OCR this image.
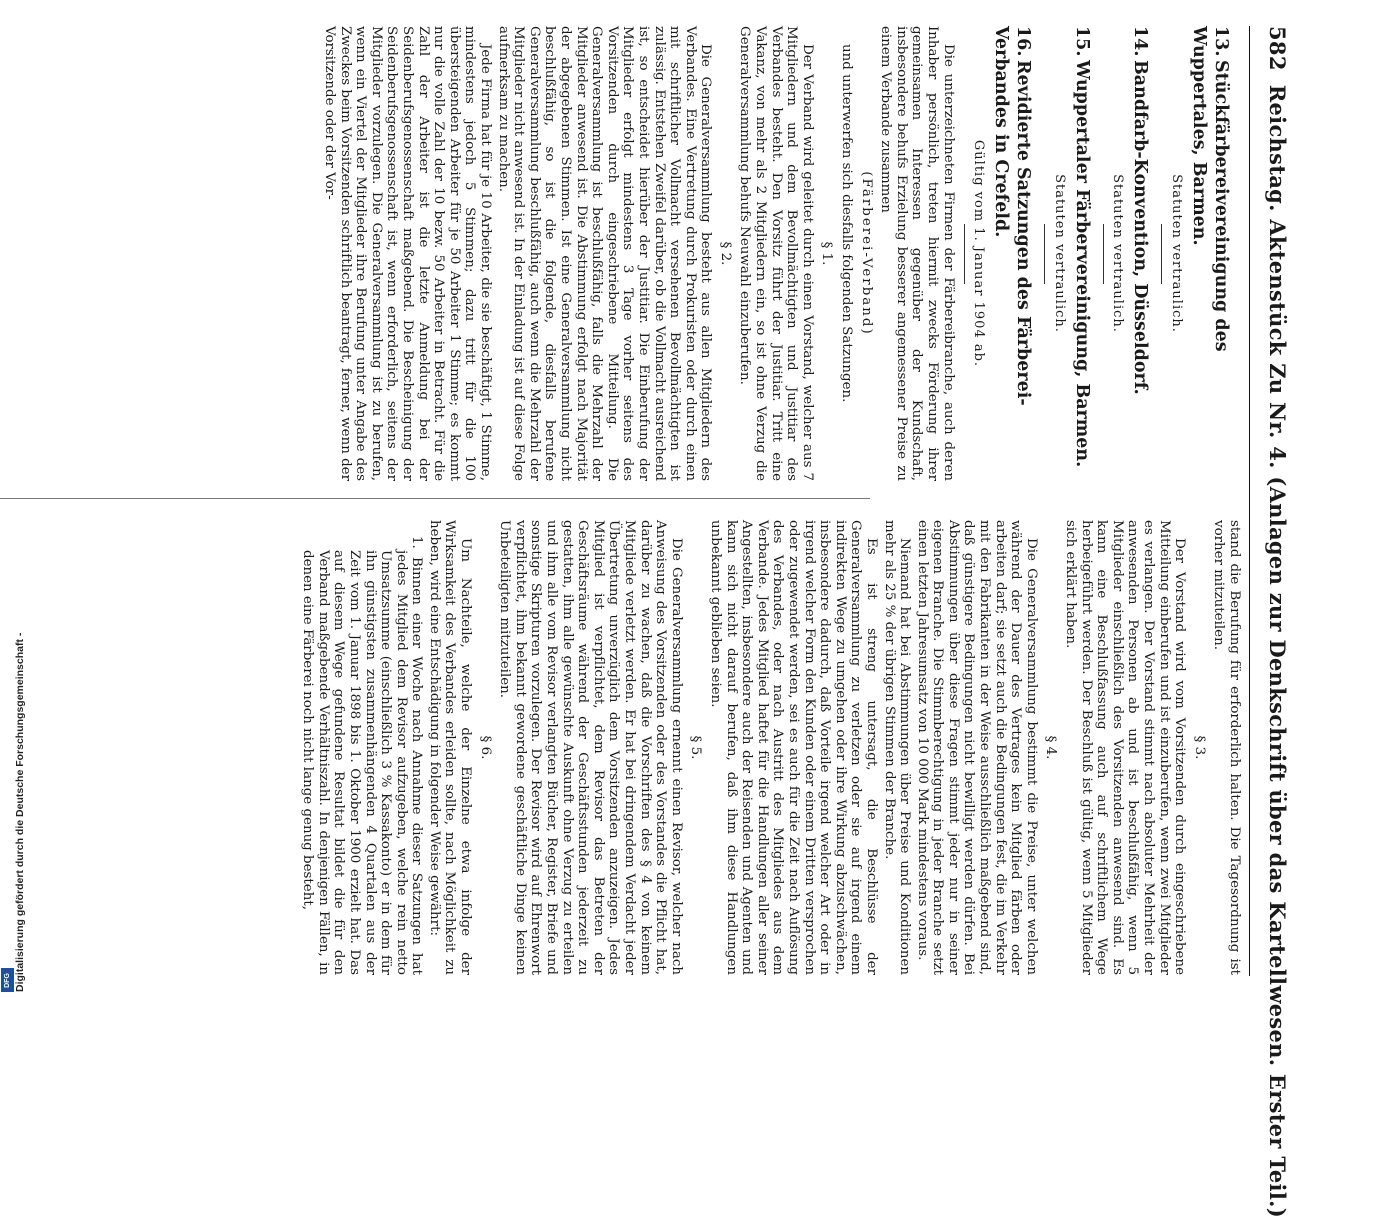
582
Reichstag. Aktenstück Zu Nr. 4. (Anlagen zur Denkschrift über das Kartellwesen. Erster Teil.)
13.Stückfärbereivereinigung des Wuppertales, Barmen.
Statuten vertraulich.
14.Bandfarb-Konvention, Düsseldorf.
Statuten vertraulich.
15.Wuppertaler Färbervereinigung, Barmen.
Statuten vertraulich.
16.Revidierte Satzungen des Färberei-Verbandes in Crefeld.
Gültig vom 1. Januar 1904 ab.

Die unterzeichneten Firmen der Färbereibranche, auch deren Inhaber persönlich, treten hiermit zwecks Förderung ihrer gemeinsamen Interessen gegenüber der Kundschaft, insbesondere behufs Erzielung besserer angemessener Preise zu einem Verbande zusammen

(Färberei-Verband)

und unterwerfen sich diesfalls folgenden Satzungen.

§ 1.

Der Verband wird geleitet durch einen Vorstand, welcher aus 7 Mitgliedern und dem Bevollmächtigten und Justitiar des Verbandes besteht. Den Vorsitz führt der Justitiar. Tritt eine Vakanz, von mehr als 2 Mitgliedern ein, so ist ohne Verzug die Generalversammlung behufs Neuwahl einzuberufen.

§ 2.

Die Generalversammlung besteht aus allen Mitgliedern des Verbandes. Eine Vertretung durch Prokuristen oder durch einen mit schriftlicher Vollmacht versehenen Bevollmächtigten ist zulässig. Entstehen Zweifel darüber, ob die Vollmacht ausreichend ist, so entscheidet hierüber der Justitiar. Die Einberufung der Mitglieder erfolgt mindestens 3 Tage vorher seitens des Vorsitzenden durch eingeschriebene Mitteilung. Die Generalversammlung ist beschlußfähig, falls die Mehrzahl der Mitglieder anwesend ist. Die Abstimmung erfolgt nach Majorität der abgegebenen Stimmen. Ist eine Generalversammlung nicht beschlußfähig, so ist die folgende, diesfalls berufene Generalversammlung beschlußfähig, auch wenn die Mehrzahl der Mitglieder nicht anwesend ist. In der Einladung ist auf diese Folge aufmerksam zu machen.

Jede Firma hat für je 10 Arbeiter, die sie beschäftigt, 1 Stimme, mindestens jedoch 5 Stimmen; dazu tritt für die 100 übersteigenden Arbeiter für je 50 Arbeiter 1 Stimme; es kommt nur die volle Zahl der 10 bezw. 50 Arbeiter in Betracht. Für die Zahl der Arbeiter ist die letzte Anmeldung bei der Seidenberufsgenossenschaft maßgebend. Die Bescheinigung der Seidenberufsgenossenschaft ist, wenn erforderlich, seitens der Mitglieder vorzulegen. Die Generalversammlung ist zu berufen, wenn ein Viertel der Mitglieder ihre Berufung unter Angabe des Zweckes beim Vorsitzenden schriftlich beantragt, ferner, wenn der Vorsitzende oder der Vor-

stand die Berufung für erforderlich halten. Die Tagesordnung ist vorher mitzuteilen.

§ 3.

Der Vorstand wird vom Vorsitzenden durch eingeschriebene Mitteilung einberufen und ist einzuberufen, wenn zwei Mitglieder es verlangen. Der Vorstand stimmt nach absoluter Mehrheit der anwesenden Personen ab und ist beschlußfähig, wenn 5 Mitglieder einschließlich des Vorsitzenden anwesend sind. Es kann eine Beschlußfassung auch auf schriftlichem Wege herbeigeführt werden. Der Beschluß ist gültig, wenn 5 Mitglieder sich erklärt haben.

§ 4.

Die Generalversammlung bestimmt die Preise, unter welchen während der Dauer des Vertrages kein Mitglied färben oder arbeiten darf; sie setzt auch die Bedingungen fest, die im Verkehr mit den Fabrikanten in der Weise ausschließlich maßgebend sind, daß günstigere Bedingungen nicht bewilligt werden dürfen. Bei Abstimmungen über diese Fragen stimmt jeder nur in seiner eigenen Branche. Die Stimmberechtigung in jeder Branche setzt einen letzten Jahresumsatz von 10 000 Mark mindestens voraus.

Niemand hat bei Abstimmungen über Preise und Konditionen mehr als 25 % der übrigen Stimmen der Branche.

Es ist streng untersagt, die Beschlüsse der Generalversammlung zu verletzen oder sie auf irgend einem indirekten Wege zu umgehen oder ihre Wirkung abzuschwächen, insbesondere dadurch, daß Vorteile irgend welcher Art oder in irgend welcher Form den Kunden oder einem Dritten versprochen oder zugewendet werden, sei es auch für die Zeit nach Auflösung des Verbandes, oder nach Austritt des Mitgliedes aus dem Verbande. Jedes Mitglied haftet für die Handlungen aller seiner Angestellten, insbesondere auch der Reisenden und Agenten und kann sich nicht darauf berufen, daß ihm diese Handlungen unbekannt geblieben seien.

§ 5.

Die Generalversammlung ernennt einen Revisor, welcher nach Anweisung des Vorsitzenden oder des Vorstandes die Pflicht hat, darüber zu wachen, daß die Vorschriften des § 4 von keinem Mitgliede verletzt werden. Er hat bei dringendem Verdacht jeder Übertretung unverzüglich dem Vorsitzenden anzuzeigen. Jedes Mitglied ist verpflichtet, dem Revisor das Betreten der Geschäftsräume während der Geschäftsstunden jederzeit zu gestatten, ihm alle gewünschte Auskunft ohne Verzug zu erteilen und ihm alle vom Revisor verlangten Bücher, Register, Briefe und sonstige Skripturen vorzulegen. Der Revisor wird auf Ehrenwort verpflichtet, ihm bekannt gewordene geschäftliche Dinge keinen Unbeteiligten mitzuteilen.

§ 6.

Um Nachteile, welche der Einzelne etwa infolge der Wirksamkeit des Verbandes erleiden sollte, nach Möglichkeit zu heben, wird eine Entschädigung in folgender Weise gewährt:

1. Binnen einer Woche nach Annahme dieser Satzungen hat jedes Mitglied dem Revisor aufzugeben, welche rein netto Umsatzsumme (einschließlich 3 % Kassakonto) er in dem für ihn günstigsten zusammenhängenden 4 Quartalen aus der Zeit vom 1. Januar 1898 bis 1. Oktober 1900 erzielt hat. Das auf diesem Wege gefundene Resultat bildet die für den Verband maßgebende Verhältniszahl. In denjenigen Fällen, in denen eine Färberei noch nicht lange genug besteht,

Digitalisierung gefördert durch die Deutsche Forschungsgemeinschaft -
DFG
